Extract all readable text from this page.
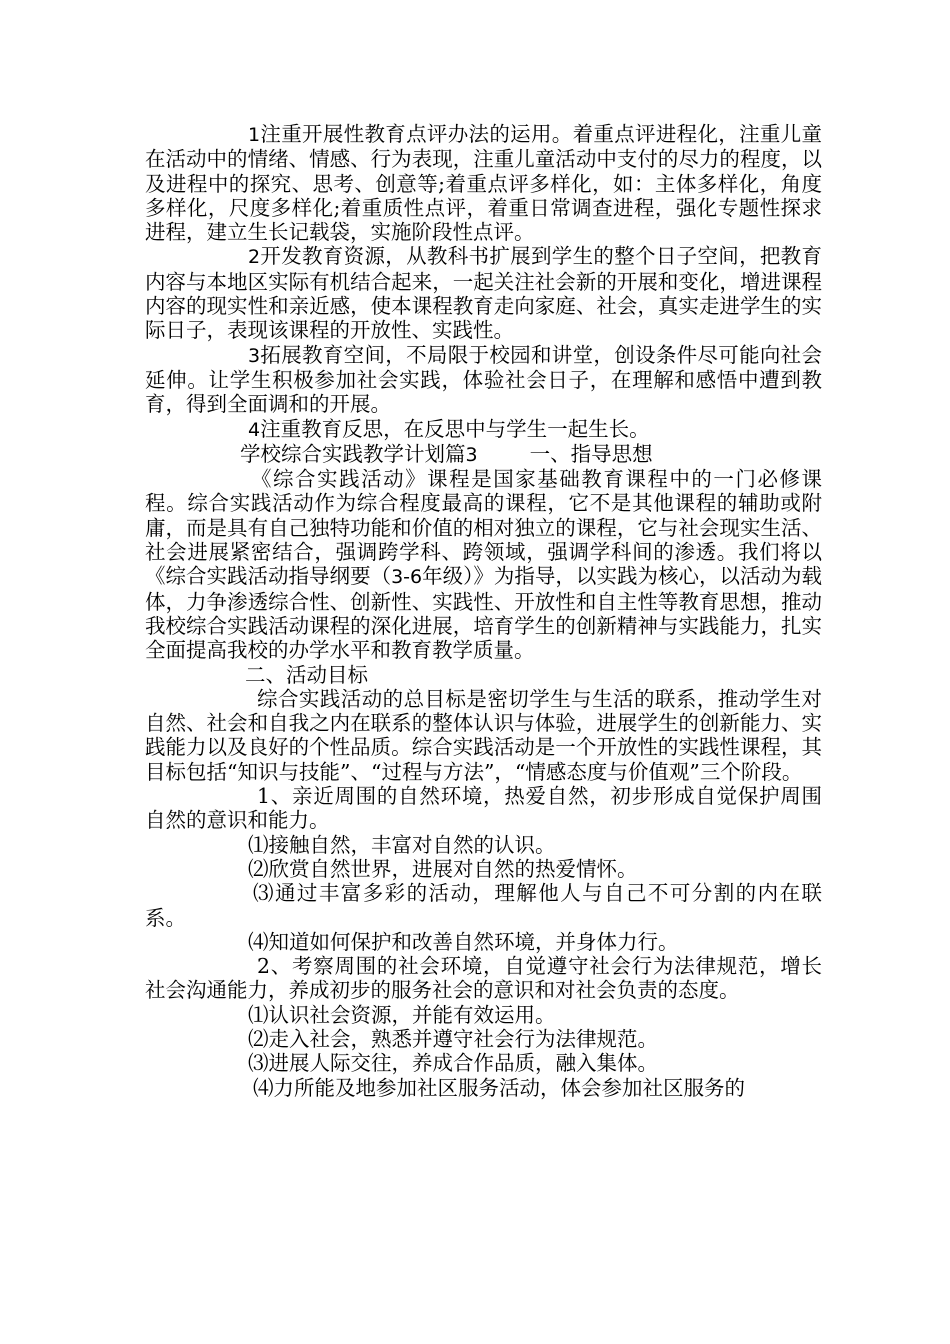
1注重开展性教育点评办法的运用。着重点评进程化，注重儿童在活动中的情绪、情感、行为表现，注重儿童活动中支付的尽力的程度，以及进程中的探究、思考、创意等;着重点评多样化，如：主体多样化，角度多样化，尺度多样化;着重质性点评，着重日常调查进程，强化专题性探求进程，建立生长记载袋，实施阶段性点评。

2开发教育资源，从教科书扩展到学生的整个日子空间，把教育内容与本地区实际有机结合起来，一起关注社会新的开展和变化，增进课程内容的现实性和亲近感，使本课程教育走向家庭、社会，真实走进学生的实际日子，表现该课程的开放性、实践性。

3拓展教育空间，不局限于校园和讲堂，创设条件尽可能向社会延伸。让学生积极参加社会实践，体验社会日子，在理解和感悟中遭到教育，得到全面调和的开展。

4注重教育反思，在反思中与学生一起生长。

学校综合实践教学计划篇3	一、指导思想

《综合实践活动》课程是国家基础教育课程中的一门必修课程。综合实践活动作为综合程度最高的课程，它不是其他课程的辅助或附庸，而是具有自己独特功能和价值的相对独立的课程，它与社会现实生活、社会进展紧密结合，强调跨学科、跨领域，强调学科间的渗透。我们将以《综合实践活动指导纲要（3-6年级）》为指导，以实践为核心，以活动为载体，力争渗透综合性、创新性、实践性、开放性和自主性等教育思想，推动我校综合实践活动课程的深化进展，培育学生的创新精神与实践能力，扎实全面提高我校的办学水平和教育教学质量。

二、活动目标

综合实践活动的总目标是密切学生与生活的联系，推动学生对自然、社会和自我之内在联系的整体认识与体验，进展学生的创新能力、实践能力以及良好的个性品质。综合实践活动是一个开放性的实践性课程，其目标包括“知识与技能”、“过程与方法”，“情感态度与价值观”三个阶段。

1、亲近周围的自然环境，热爱自然，初步形成自觉保护周围自然的意识和能力。

⑴接触自然，丰富对自然的认识。

⑵欣赏自然世界，进展对自然的热爱情怀。

⑶通过丰富多彩的活动，理解他人与自己不可分割的内在联系。

⑷知道如何保护和改善自然环境，并身体力行。

2、考察周围的社会环境，自觉遵守社会行为法律规范，增长社会沟通能力，养成初步的服务社会的意识和对社会负责的态度。

⑴认识社会资源，并能有效运用。

⑵走入社会，熟悉并遵守社会行为法律规范。

⑶进展人际交往，养成合作品质，融入集体。

⑷力所能及地参加社区服务活动，体会参加社区服务的
